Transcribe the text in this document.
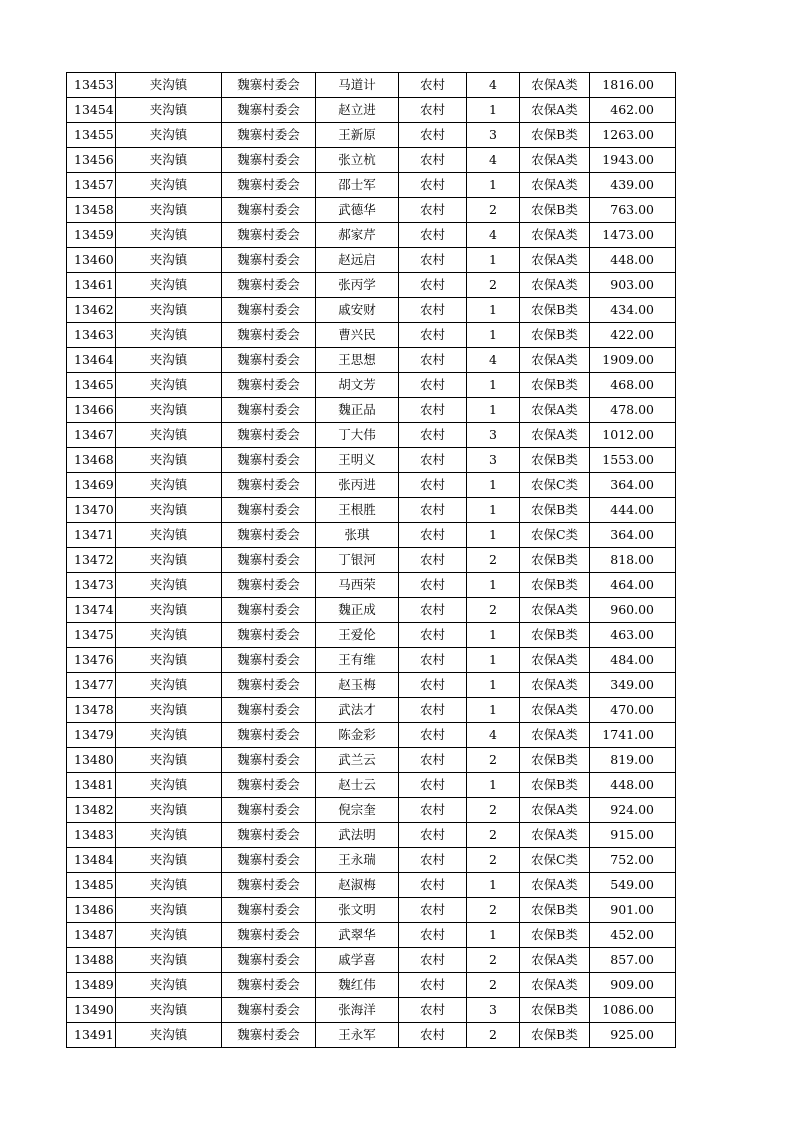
13453	夹沟镇	魏寨村委会	马道计	农村	4	农保A类	1816.00
13454	夹沟镇	魏寨村委会	赵立进	农村	1	农保A类	462.00
13455	夹沟镇	魏寨村委会	王新原	农村	3	农保B类	1263.00
13456	夹沟镇	魏寨村委会	张立杭	农村	4	农保A类	1943.00
13457	夹沟镇	魏寨村委会	邵士军	农村	1	农保A类	439.00
13458	夹沟镇	魏寨村委会	武德华	农村	2	农保B类	763.00
13459	夹沟镇	魏寨村委会	郝家芹	农村	4	农保A类	1473.00
13460	夹沟镇	魏寨村委会	赵远启	农村	1	农保A类	448.00
13461	夹沟镇	魏寨村委会	张丙学	农村	2	农保A类	903.00
13462	夹沟镇	魏寨村委会	戚安财	农村	1	农保B类	434.00
13463	夹沟镇	魏寨村委会	曹兴民	农村	1	农保B类	422.00
13464	夹沟镇	魏寨村委会	王思想	农村	4	农保A类	1909.00
13465	夹沟镇	魏寨村委会	胡文芳	农村	1	农保B类	468.00
13466	夹沟镇	魏寨村委会	魏正品	农村	1	农保A类	478.00
13467	夹沟镇	魏寨村委会	丁大伟	农村	3	农保A类	1012.00
13468	夹沟镇	魏寨村委会	王明义	农村	3	农保B类	1553.00
13469	夹沟镇	魏寨村委会	张丙进	农村	1	农保C类	364.00
13470	夹沟镇	魏寨村委会	王根胜	农村	1	农保B类	444.00
13471	夹沟镇	魏寨村委会	张琪	农村	1	农保C类	364.00
13472	夹沟镇	魏寨村委会	丁银河	农村	2	农保B类	818.00
13473	夹沟镇	魏寨村委会	马西荣	农村	1	农保B类	464.00
13474	夹沟镇	魏寨村委会	魏正成	农村	2	农保A类	960.00
13475	夹沟镇	魏寨村委会	王爱伦	农村	1	农保B类	463.00
13476	夹沟镇	魏寨村委会	王有维	农村	1	农保A类	484.00
13477	夹沟镇	魏寨村委会	赵玉梅	农村	1	农保A类	349.00
13478	夹沟镇	魏寨村委会	武法才	农村	1	农保A类	470.00
13479	夹沟镇	魏寨村委会	陈金彩	农村	4	农保A类	1741.00
13480	夹沟镇	魏寨村委会	武兰云	农村	2	农保B类	819.00
13481	夹沟镇	魏寨村委会	赵士云	农村	1	农保B类	448.00
13482	夹沟镇	魏寨村委会	倪宗奎	农村	2	农保A类	924.00
13483	夹沟镇	魏寨村委会	武法明	农村	2	农保A类	915.00
13484	夹沟镇	魏寨村委会	王永瑞	农村	2	农保C类	752.00
13485	夹沟镇	魏寨村委会	赵淑梅	农村	1	农保A类	549.00
13486	夹沟镇	魏寨村委会	张文明	农村	2	农保B类	901.00
13487	夹沟镇	魏寨村委会	武翠华	农村	1	农保B类	452.00
13488	夹沟镇	魏寨村委会	戚学喜	农村	2	农保A类	857.00
13489	夹沟镇	魏寨村委会	魏红伟	农村	2	农保A类	909.00
13490	夹沟镇	魏寨村委会	张海洋	农村	3	农保B类	1086.00
13491	夹沟镇	魏寨村委会	王永军	农村	2	农保B类	925.00
